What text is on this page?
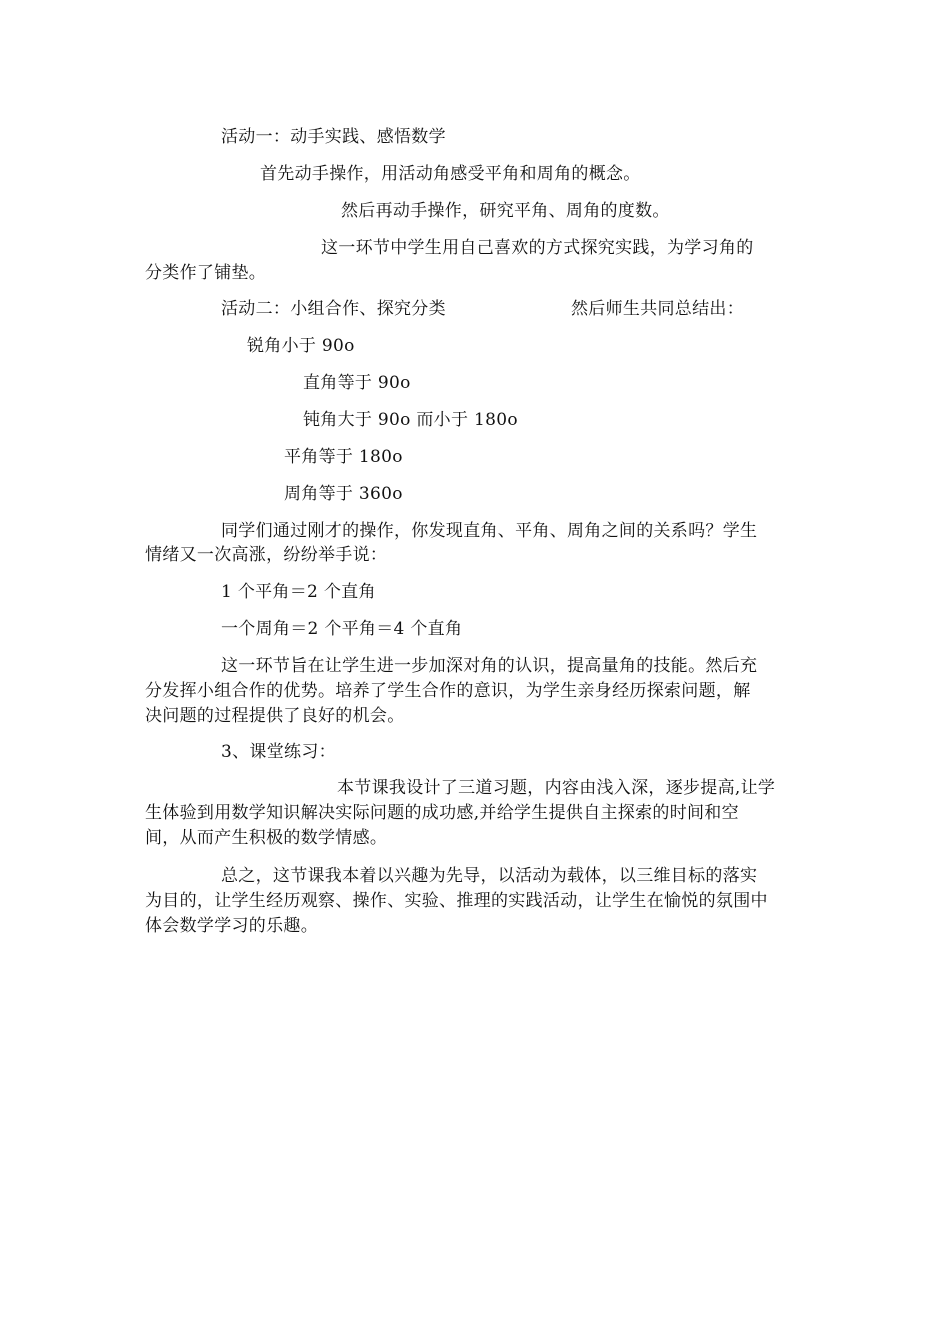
活动一：动手实践、感悟数学
首先动手操作，用活动角感受平角和周角的概念。
然后再动手操作，研究平角、周角的度数。
这一环节中学生用自己喜欢的方式探究实践，为学习角的
分类作了铺垫。
活动二：小组合作、探究分类	然后师生共同总结出：
锐角小于 90o
直角等于 90o
钝角大于 90o 而小于 180o
平角等于 180o
周角等于 360o
同学们通过刚才的操作，你发现直角、平角、周角之间的关系吗？学生
情绪又一次高涨，纷纷举手说：
1 个平角＝2 个直角
一个周角＝2 个平角＝4 个直角
这一环节旨在让学生进一步加深对角的认识，提高量角的技能。然后充
分发挥小组合作的优势。培养了学生合作的意识，为学生亲身经历探索问题，解
决问题的过程提供了良好的机会。
3、课堂练习：
本节课我设计了三道习题，内容由浅入深，逐步提高,让学
生体验到用数学知识解决实际问题的成功感,并给学生提供自主探索的时间和空
间，从而产生积极的数学情感。
总之，这节课我本着以兴趣为先导，以活动为载体，以三维目标的落实
为目的，让学生经历观察、操作、实验、推理的实践活动，让学生在愉悦的氛围中
体会数学学习的乐趣。
